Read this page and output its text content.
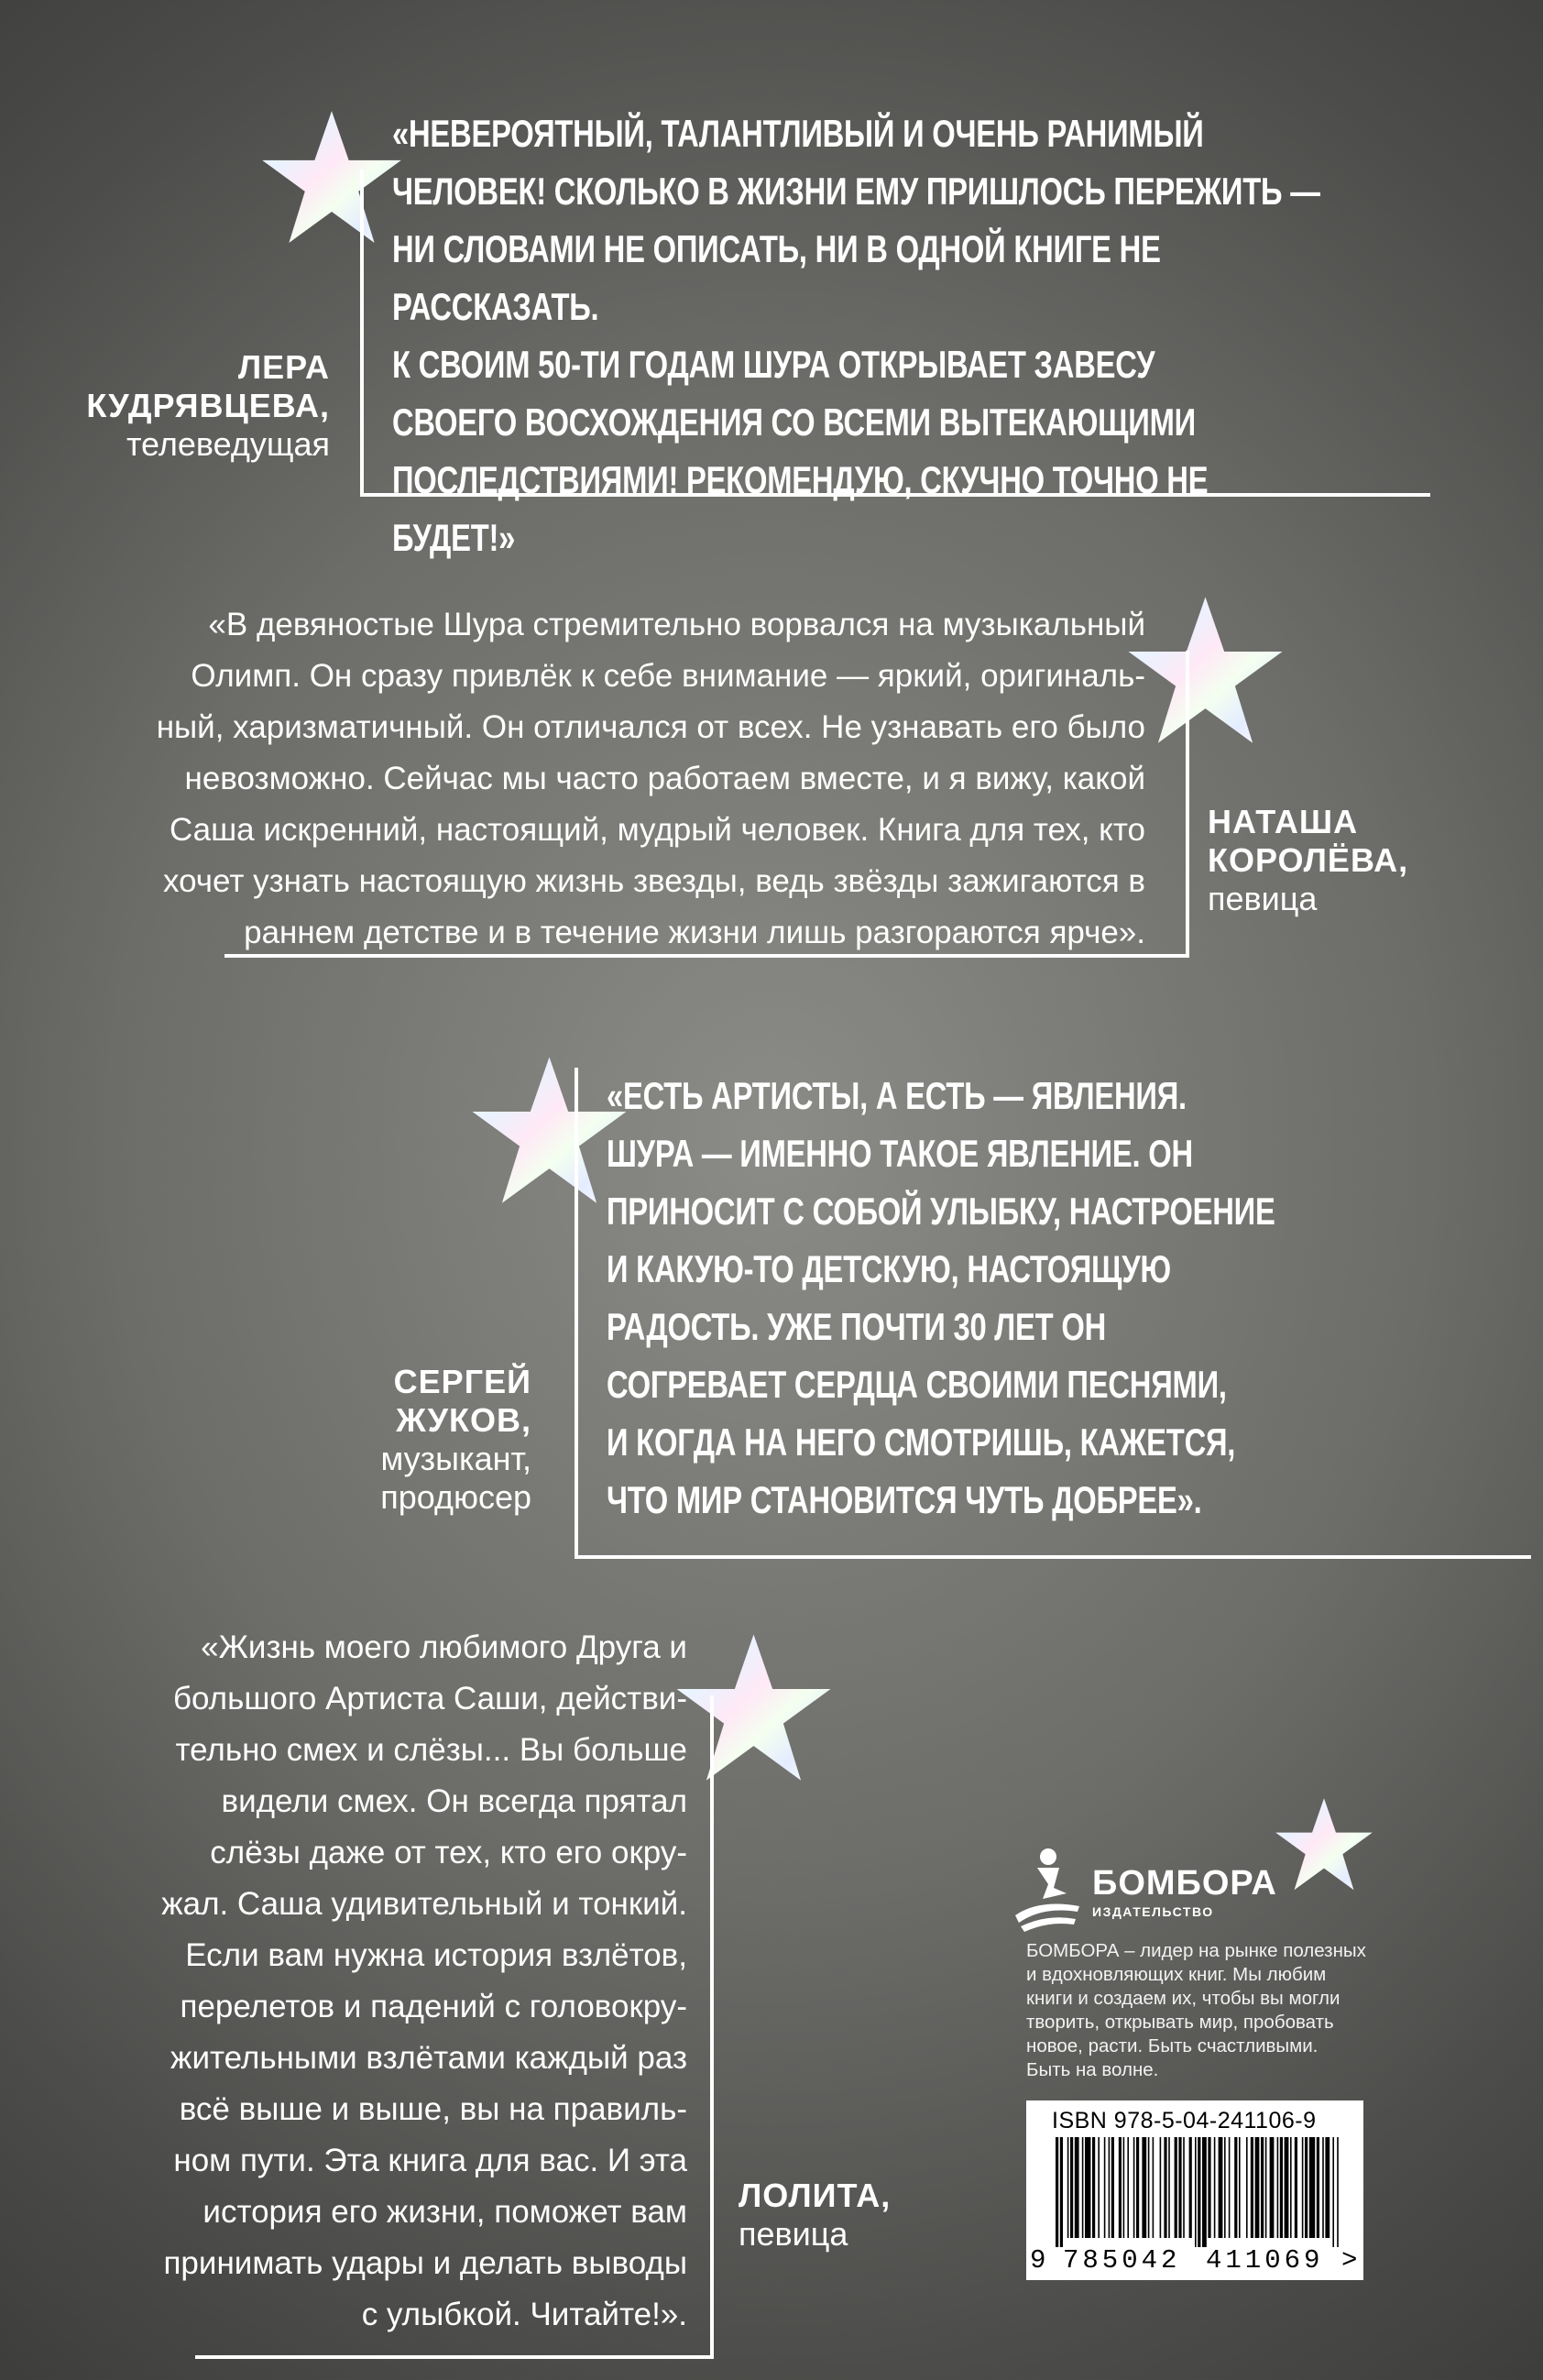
ЛЕРА
КУДРЯВЦЕВА,
телеведущая

«НЕВЕРОЯТНЫЙ, ТАЛАНТЛИВЫЙ И ОЧЕНЬ РАНИМЫЙ
ЧЕЛОВЕК! СКОЛЬКО В ЖИЗНИ ЕМУ ПРИШЛОСЬ ПЕРЕЖИТЬ —
НИ СЛОВАМИ НЕ ОПИСАТЬ, НИ В ОДНОЙ КНИГЕ НЕ РАССКАЗАТЬ.
К СВОИМ 50-ТИ ГОДАМ ШУРА ОТКРЫВАЕТ ЗАВЕСУ
СВОЕГО ВОСХОЖДЕНИЯ СО ВСЕМИ ВЫТЕКАЮЩИМИ
ПОСЛЕДСТВИЯМИ! РЕКОМЕНДУЮ, СКУЧНО ТОЧНО НЕ БУДЕТ!»

«В девяностые Шура стремительно ворвался на музыкальный
Олимп. Он сразу привлёк к себе внимание — яркий, оригиналь-
ный, харизматичный. Он отличался от всех. Не узнавать его было
невозможно. Сейчас мы часто работаем вместе, и я вижу, какой
Саша искренний, настоящий, мудрый человек. Книга для тех, кто
хочет узнать настоящую жизнь звезды, ведь звёзды зажигаются в
раннем детстве и в течение жизни лишь разгораются ярче».

НАТАША
КОРОЛЁВА,
певица
СЕРГЕЙ
ЖУКОВ,
музыкант,
продюсер

«ЕСТЬ АРТИСТЫ, А ЕСТЬ — ЯВЛЕНИЯ.
ШУРА — ИМЕННО ТАКОЕ ЯВЛЕНИЕ. ОН
ПРИНОСИТ С СОБОЙ УЛЫБКУ, НАСТРОЕНИЕ
И КАКУЮ-ТО ДЕТСКУЮ, НАСТОЯЩУЮ
РАДОСТЬ. УЖЕ ПОЧТИ 30 ЛЕТ ОН
СОГРЕВАЕТ СЕРДЦА СВОИМИ ПЕСНЯМИ,
И КОГДА НА НЕГО СМОТРИШЬ, КАЖЕТСЯ,
ЧТО МИР СТАНОВИТСЯ ЧУТЬ ДОБРЕЕ».

«Жизнь моего любимого Друга и
большого Артиста Саши, действи-
тельно смех и слёзы... Вы больше
видели смех. Он всегда прятал
слёзы даже от тех, кто его окру-
жал. Саша удивительный и тонкий.
Если вам нужна история взлётов,
перелетов и падений с головокру-
жительными взлётами каждый раз
всё выше и выше, вы на правиль-
ном пути. Эта книга для вас. И эта
история его жизни, поможет вам
принимать удары и делать выводы
с улыбкой. Читайте!».

ЛОЛИТА,
певица
БОМБОРА
ИЗДАТЕЛЬСТВО

БОМБОРА – лидер на рынке полезных
и вдохновляющих книг. Мы любим
книги и создаем их, чтобы вы могли
творить, открывать мир, пробовать
новое, расти. Быть счастливыми.
Быть на волне.

ISBN 978-5-04-241106-9
9 785042 411069 >
